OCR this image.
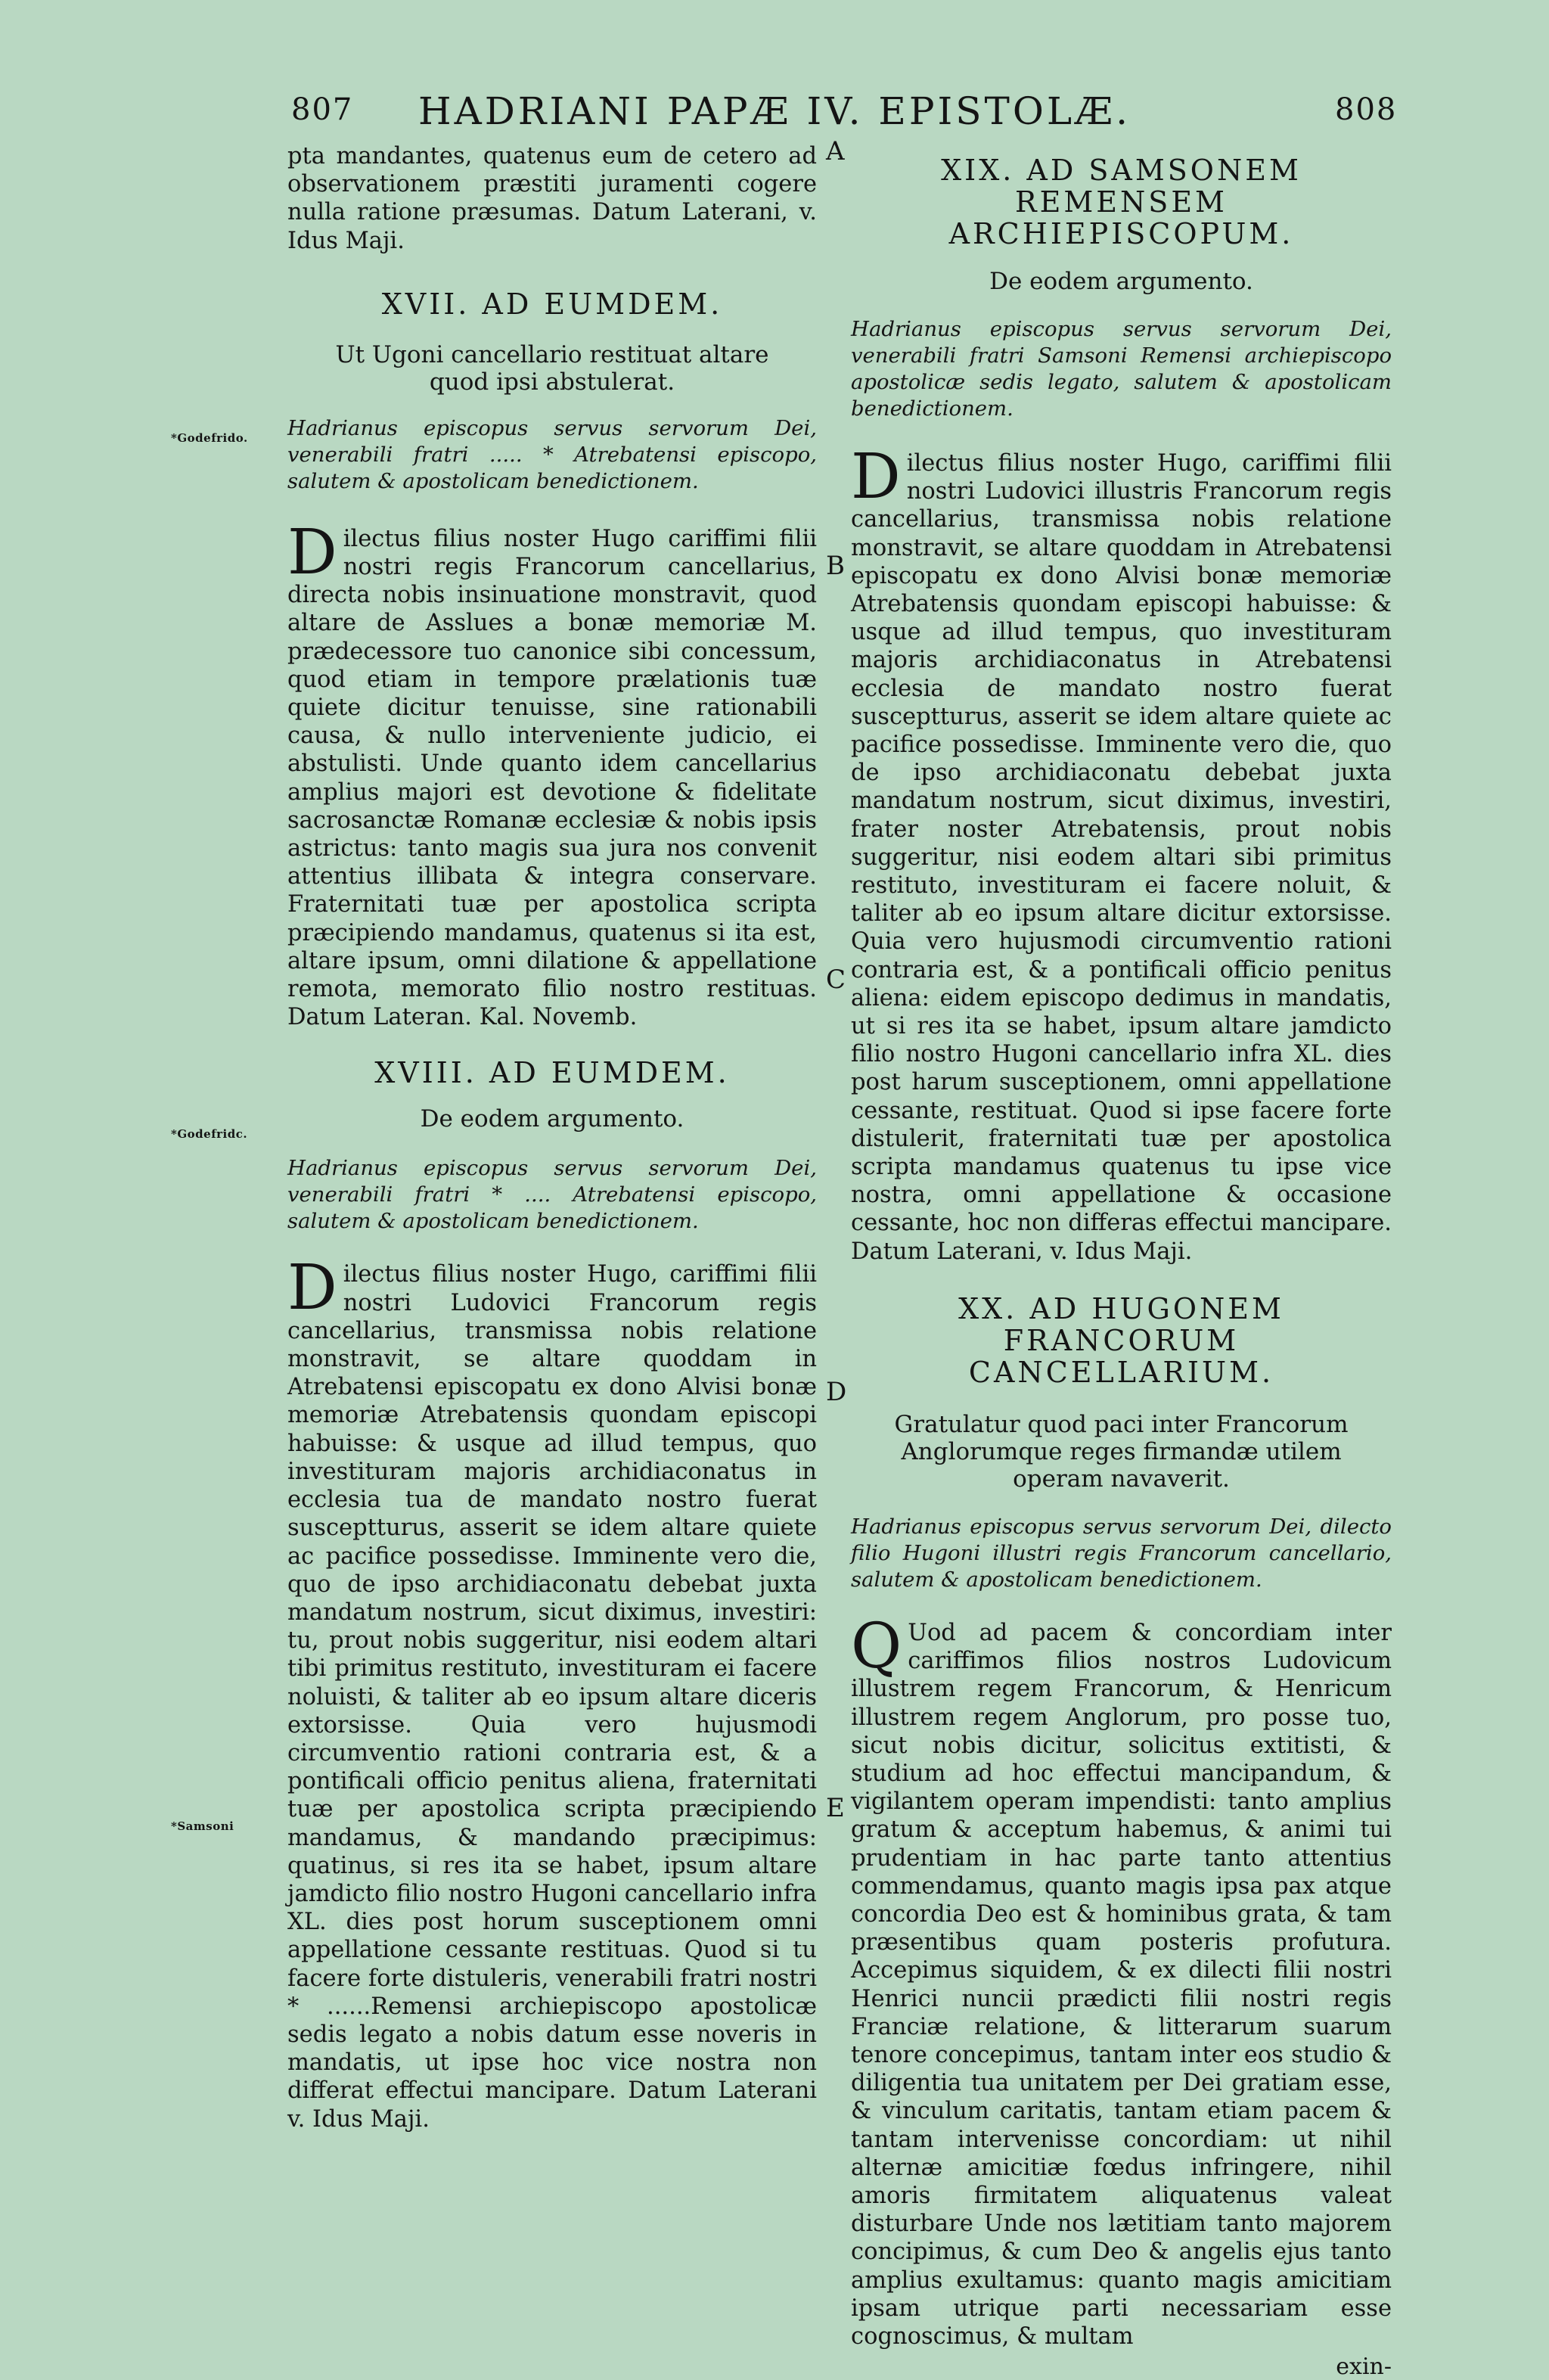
807	HADRIANI PAPÆ IV. EPISTOLÆ.	808
A
B
C
D
E
*Godefrido.
*Godefridc.
*Samsoni

pta mandantes, quatenus eum de cetero ad observationem præstiti juramenti cogere nulla ratione præsumas. Datum Laterani, v. Idus Maji.

XVII. AD EUMDEM.

Ut Ugoni cancellario restituat altare quod ipsi abstulerat.

Hadrianus episcopus servus servorum Dei, venerabili fratri ..... * Atrebatensi episcopo, salutem & apostolicam benedictionem.

Dilectus filius noster Hugo cariffimi filii nostri regis Francorum cancellarius, directa nobis insinuatione monstravit, quod altare de Asslues a bonæ memoriæ M. prædecessore tuo canonice sibi concessum, quod etiam in tempore prælationis tuæ quiete dicitur tenuisse, sine rationabili causa, & nullo interveniente judicio, ei abstulisti. Unde quanto idem cancellarius amplius majori est devotione & fidelitate sacrosanctæ Romanæ ecclesiæ & nobis ipsis astrictus: tanto magis sua jura nos convenit attentius illibata & integra conservare. Fraternitati tuæ per apostolica scripta præcipiendo mandamus, quatenus si ita est, altare ipsum, omni dilatione & appellatione remota, memorato filio nostro restituas. Datum Lateran. Kal. Novemb.

XVIII. AD EUMDEM.

De eodem argumento.

Hadrianus episcopus servus servorum Dei, venerabili fratri * .... Atrebatensi episcopo, salutem & apostolicam benedictionem.

Dilectus filius noster Hugo, cariffimi filii nostri Ludovici Francorum regis cancellarius, transmissa nobis relatione monstravit, se altare quoddam in Atrebatensi episcopatu ex dono Alvisi bonæ memoriæ Atrebatensis quondam episcopi habuisse: & usque ad illud tempus, quo investituram majoris archidiaconatus in ecclesia tua de mandato nostro fuerat susceptturus, asserit se idem altare quiete ac pacifice possedisse. Imminente vero die, quo de ipso archidiaconatu debebat juxta mandatum nostrum, sicut diximus, investiri: tu, prout nobis suggeritur, nisi eodem altari tibi primitus restituto, investituram ei facere noluisti, & taliter ab eo ipsum altare diceris extorsisse. Quia vero hujusmodi circumventio rationi contraria est, & a pontificali officio penitus aliena, fraternitati tuæ per apostolica scripta præcipiendo mandamus, & mandando præcipimus: quatinus, si res ita se habet, ipsum altare jamdicto filio nostro Hugoni cancellario infra XL. dies post horum susceptionem omni appellatione cessante restituas. Quod si tu facere forte distuleris, venerabili fratri nostri * ......Remensi archiepiscopo apostolicæ sedis legato a nobis datum esse noveris in mandatis, ut ipse hoc vice nostra non differat effectui mancipare. Datum Laterani v. Idus Maji.

XIX. AD SAMSONEM REMENSEM ARCHIEPISCOPUM.

De eodem argumento.

Hadrianus episcopus servus servorum Dei, venerabili fratri Samsoni Remensi archiepiscopo apostolicæ sedis legato, salutem & apostolicam benedictionem.

Dilectus filius noster Hugo, cariffimi filii nostri Ludovici illustris Francorum regis cancellarius, transmissa nobis relatione monstravit, se altare quoddam in Atrebatensi episcopatu ex dono Alvisi bonæ memoriæ Atrebatensis quondam episcopi habuisse: & usque ad illud tempus, quo investituram majoris archidiaconatus in Atrebatensi ecclesia de mandato nostro fuerat susceptturus, asserit se idem altare quiete ac pacifice possedisse. Imminente vero die, quo de ipso archidiaconatu debebat juxta mandatum nostrum, sicut diximus, investiri, frater noster Atrebatensis, prout nobis suggeritur, nisi eodem altari sibi primitus restituto, investituram ei facere noluit, & taliter ab eo ipsum altare dicitur extorsisse. Quia vero hujusmodi circumventio rationi contraria est, & a pontificali officio penitus aliena: eidem episcopo dedimus in mandatis, ut si res ita se habet, ipsum altare jamdicto filio nostro Hugoni cancellario infra XL. dies post harum susceptionem, omni appellatione cessante, restituat. Quod si ipse facere forte distulerit, fraternitati tuæ per apostolica scripta mandamus quatenus tu ipse vice nostra, omni appellatione & occasione cessante, hoc non differas effectui mancipare. Datum Laterani, v. Idus Maji.

XX. AD HUGONEM FRANCORUM CANCELLARIUM.

Gratulatur quod paci inter Francorum Anglorumque reges firmandæ utilem operam navaverit.

Hadrianus episcopus servus servorum Dei, dilecto filio Hugoni illustri regis Francorum cancellario, salutem & apostolicam benedictionem.

Q Uod ad pacem & concordiam inter cariffimos filios nostros Ludovicum illustrem regem Francorum, & Henricum illustrem regem Anglorum, pro posse tuo, sicut nobis dicitur, solicitus extitisti, & studium ad hoc effectui mancipandum, & vigilantem operam impendisti: tanto amplius gratum & acceptum habemus, & animi tui prudentiam in hac parte tanto attentius commendamus, quanto magis ipsa pax atque concordia Deo est & hominibus grata, & tam præsentibus quam posteris profutura. Accepimus siquidem, & ex dilecti filii nostri Henrici nuncii prædicti filii nostri regis Franciæ relatione, & litterarum suarum tenore concepimus, tantam inter eos studio & diligentia tua unitatem per Dei gratiam esse, & vinculum caritatis, tantam etiam pacem & tantam intervenisse concordiam: ut nihil alternæ amicitiæ fœdus infringere, nihil amoris firmitatem aliquatenus valeat disturbare Unde nos lætitiam tanto majorem concipimus, & cum Deo & angelis ejus tanto amplius exultamus: quanto magis amicitiam ipsam utrique parti necessariam esse cognoscimus, & multam

exin-
